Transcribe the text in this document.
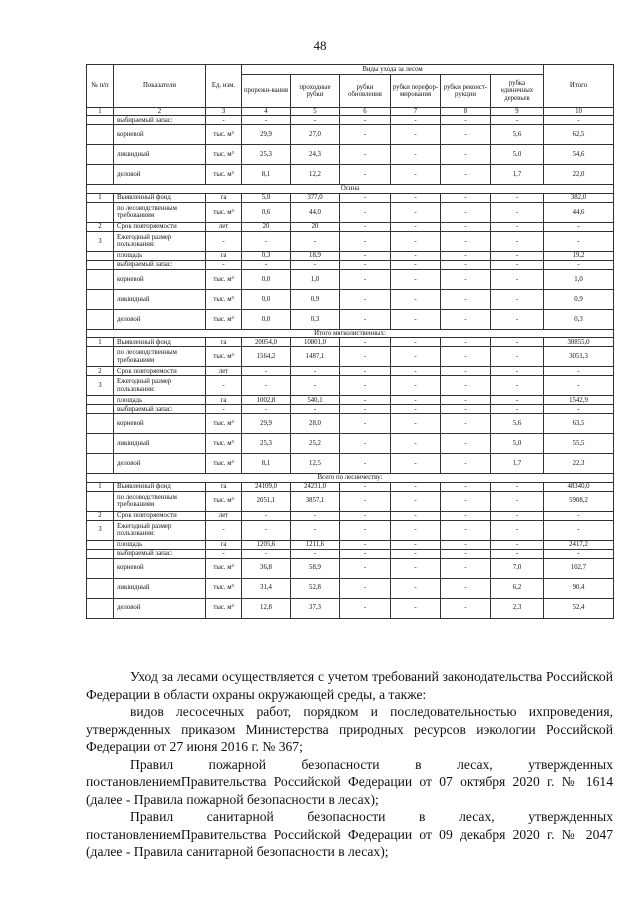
48
№ п/п	Показатели	Ед. изм.	Виды ухода за лесом						Итого
			прорежи-вания	проходные рубки	рубки обновления	рубки перефор-мирования	рубки реконст-рукции	рубка единичных деревьев	
1	2	3	4	5	6	7	8	9	10
	выбираемый запас:	-	-	-	-	-	-	-	-
	корневой	тыс. м³	29,9	27,0	-	-	-	5,6	62,5
	ликвидный	тыс. м³	25,3	24,3	-	-	-	5,0	54,6
	деловой	тыс. м³	8,1	12,2	-	-	-	1,7	22,0
Осина									
1	Выявленный фонд	га	5,0	377,0	-	-	-	-	382,0
	по лесоводственным требованиям	тыс. м³	0,6	44,0	-	-	-	-	44,6
2	Срок повторяемости	лет	20	20	-	-	-	-	-
3	Ежегодный размер пользования:	-	-	-	-	-	-	-	-
	площадь	га	0,3	18,9	-	-	-	-	19,2
	выбираемый запас:	-	-	-	-	-	-	-	-
	корневой	тыс. м³	0,0	1,0	-	-	-	-	1,0
	ликвидный	тыс. м³	0,0	0,9	-	-	-	-	0,9
	деловой	тыс. м³	0,0	0,3	-	-	-	-	0,3
Итого мягколиственных:									
1	Выявленный фонд	га	20054,0	10801,0	-	-	-	-	30855,0
	по лесоводственным требованиям	тыс. м³	1564,2	1487,1	-	-	-	-	3051,3
2	Срок повторяемости	лет	-	-	-	-	-	-	-
3	Ежегодный размер пользования:	-	-	-	-	-	-	-	-
	площадь	га	1002,8	540,1	-	-	-	-	1542,9
	выбираемый запас:	-	-	-	-	-	-	-	-
	корневой	тыс. м³	29,9	28,0	-	-	-	5,6	63,5
	ликвидный	тыс. м³	25,3	25,2	-	-	-	5,0	55,5
	деловой	тыс. м³	8,1	12,5	-	-	-	1,7	22,3
Всего по лесничеству:									
1	Выявленный фонд	га	24109,0	24231,0	-	-	-	-	48340,0
	по лесоводственным требованиям	тыс. м³	2051,1	3857,1	-	-	-	-	5908,2
2	Срок повторяемости	лет	-	-	-	-	-	-	-
3	Ежегодный размер пользования:	-	-	-	-	-	-	-	-
	площадь	га	1205,6	1211,6	-	-	-	-	2417,2
	выбираемый запас:	-	-	-	-	-	-	-	-
	корневой	тыс. м³	36,8	58,9	-	-	-	7,0	102,7
	ликвидный	тыс. м³	31,4	52,8	-	-	-	6,2	90,4
	деловой	тыс. м³	12,8	37,3	-	-	-	2,3	52,4

Уход за лесами осуществляется с учетом требований законодательства Российской Федерации в области охраны окружающей среды, а также:

видов лесосечных работ, порядком и последовательностью ихпроведения, утвержденных приказом Министерства природных ресурсов иэкологии Российской Федерации от 27 июня 2016 г. № 367;

Правил пожарной безопасности в лесах, утвержденных постановлениемПравительства Российской Федерации от 07 октября 2020 г. № 1614 (далее - Правила пожарной безопасности в лесах);

Правил санитарной безопасности в лесах, утвержденных постановлениемПравительства Российской Федерации от 09 декабря 2020 г. № 2047 (далее - Правила санитарной безопасности в лесах);
